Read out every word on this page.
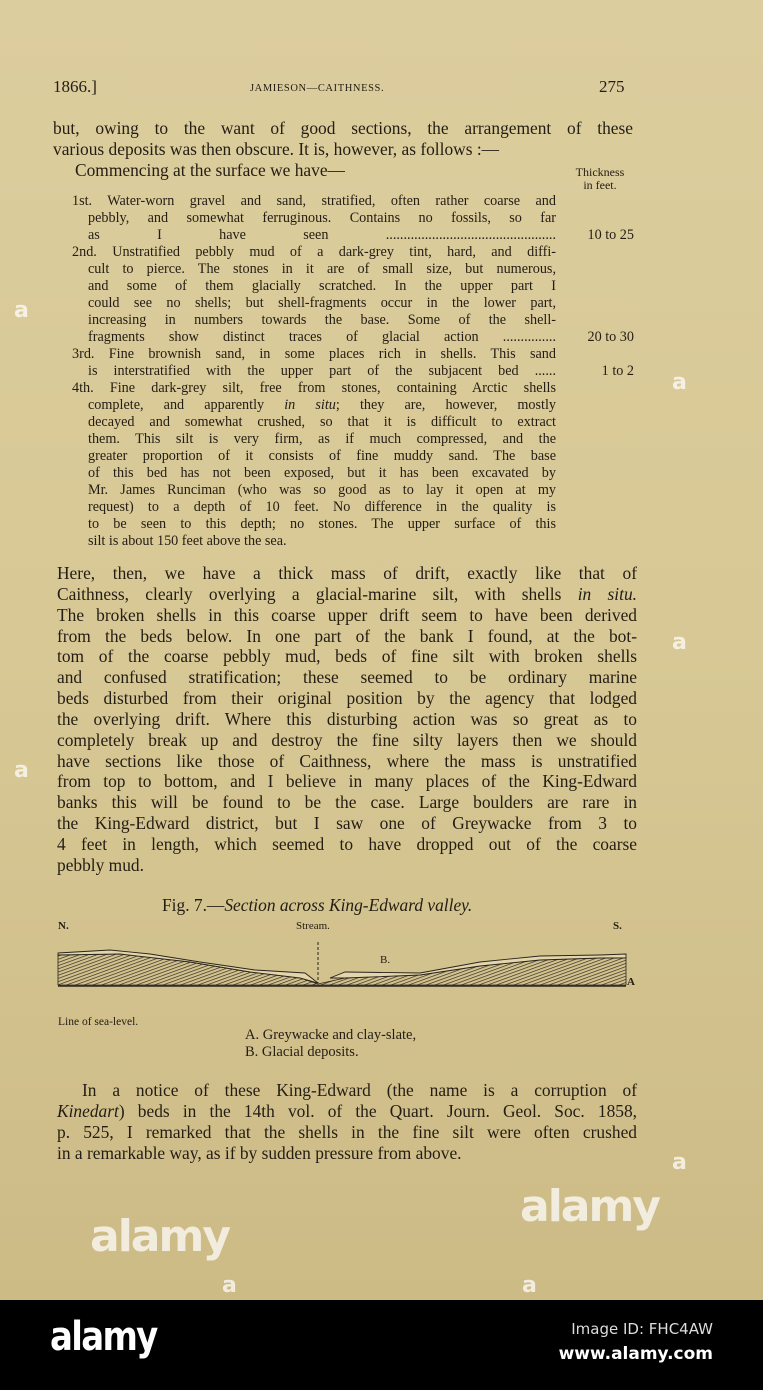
1866.]	JAMIESON—CAITHNESS.	275
but, owing to the want of good sections, the arrangement of these
various deposits was then obscure. It is, however, as follows :—
Commencing at the surface we have—	Thickness
in feet.
1st. Water-worn gravel and sand, stratified, often rather coarse and
pebbly, and somewhat ferruginous. Contains no fossils, so far
as I have seen ................................................	10 to 25
2nd. Unstratified pebbly mud of a dark-grey tint, hard, and diffi-
cult to pierce. The stones in it are of small size, but numerous,
and some of them glacially scratched. In the upper part I
could see no shells; but shell-fragments occur in the lower part,
increasing in numbers towards the base. Some of the shell-
fragments show distinct traces of glacial action ...............	20 to 30
3rd. Fine brownish sand, in some places rich in shells. This sand
is interstratified with the upper part of the subjacent bed ......	1 to 2
4th. Fine dark-grey silt, free from stones, containing Arctic shells
complete, and apparently in situ; they are, however, mostly
decayed and somewhat crushed, so that it is difficult to extract
them. This silt is very firm, as if much compressed, and the
greater proportion of it consists of fine muddy sand. The base
of this bed has not been exposed, but it has been excavated by
Mr. James Runciman (who was so good as to lay it open at my
request) to a depth of 10 feet. No difference in the quality is
to be seen to this depth; no stones. The upper surface of this
silt is about 150 feet above the sea.
Here, then, we have a thick mass of drift, exactly like that of
Caithness, clearly overlying a glacial-marine silt, with shells in situ.
The broken shells in this coarse upper drift seem to have been derived
from the beds below. In one part of the bank I found, at the bot-
tom of the coarse pebbly mud, beds of fine silt with broken shells
and confused stratification; these seemed to be ordinary marine
beds disturbed from their original position by the agency that lodged
the overlying drift. Where this disturbing action was so great as to
completely break up and destroy the fine silty layers then we should
have sections like those of Caithness, where the mass is unstratified
from top to bottom, and I believe in many places of the King-Edward
banks this will be found to be the case. Large boulders are rare in
the King-Edward district, but I saw one of Greywacke from 3 to
4 feet in length, which seemed to have dropped out of the coarse
pebbly mud.
Fig. 7.—Section across King-Edward valley.
N.	Stream.	S.
B.
A
Line of sea-level.
A. Greywacke and clay-slate,
B. Glacial deposits.
In a notice of these King-Edward (the name is a corruption of
Kinedart) beds in the 14th vol. of the Quart. Journ. Geol. Soc. 1858,
p. 525, I remarked that the shells in the fine silt were often crushed
in a remarkable way, as if by sudden pressure from above.
alamy
alamy
a
a
a
a
a
a	a
alamy	Image ID: FHC4AW
www.alamy.com
